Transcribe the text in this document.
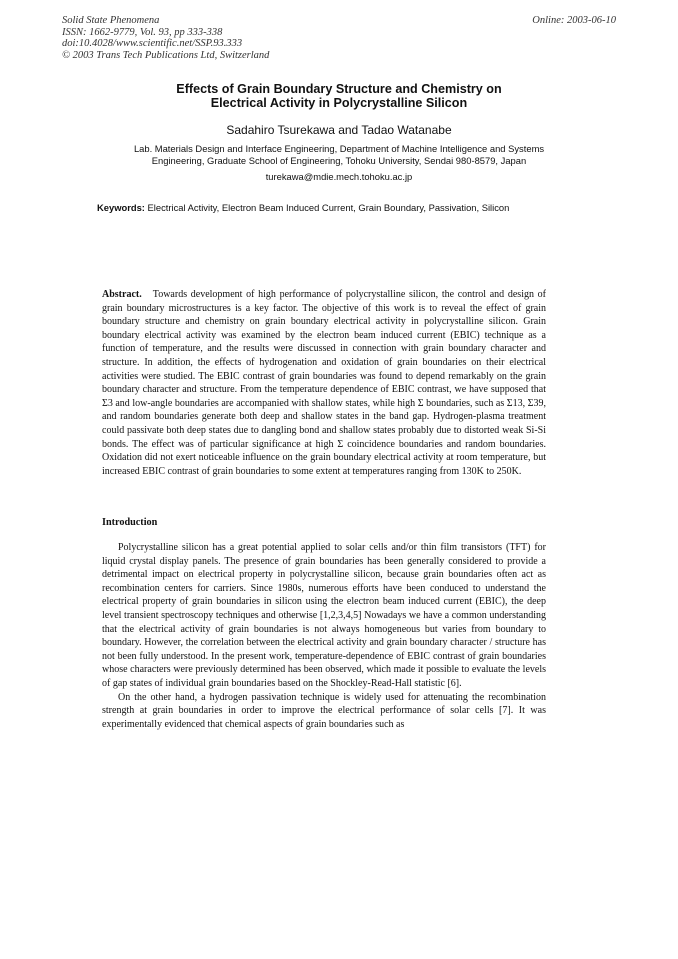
Solid State Phenomena
ISSN: 1662-9779, Vol. 93, pp 333-338
doi:10.4028/www.scientific.net/SSP.93.333
© 2003 Trans Tech Publications Ltd, Switzerland
Online: 2003-06-10
Effects of Grain Boundary Structure and Chemistry on
Electrical Activity in Polycrystalline Silicon
Sadahiro Tsurekawa and Tadao Watanabe
Lab. Materials Design and Interface Engineering, Department of Machine Intelligence and Systems
Engineering, Graduate School of Engineering, Tohoku University, Sendai 980-8579, Japan
turekawa@mdie.mech.tohoku.ac.jp
Keywords: Electrical Activity, Electron Beam Induced Current, Grain Boundary, Passivation, Silicon
Abstract. Towards development of high performance of polycrystalline silicon, the control and design of grain boundary microstructures is a key factor. The objective of this work is to reveal the effect of grain boundary structure and chemistry on grain boundary electrical activity in polycrystalline silicon. Grain boundary electrical activity was examined by the electron beam induced current (EBIC) technique as a function of temperature, and the results were discussed in connection with grain boundary character and structure. In addition, the effects of hydrogenation and oxidation of grain boundaries on their electrical activities were studied. The EBIC contrast of grain boundaries was found to depend remarkably on the grain boundary character and structure. From the temperature dependence of EBIC contrast, we have supposed that Σ3 and low-angle boundaries are accompanied with shallow states, while high Σ boundaries, such as Σ13, Σ39, and random boundaries generate both deep and shallow states in the band gap. Hydrogen-plasma treatment could passivate both deep states due to dangling bond and shallow states probably due to distorted weak Si-Si bonds. The effect was of particular significance at high Σ coincidence boundaries and random boundaries. Oxidation did not exert noticeable influence on the grain boundary electrical activity at room temperature, but increased EBIC contrast of grain boundaries to some extent at temperatures ranging from 130K to 250K.
Introduction

Polycrystalline silicon has a great potential applied to solar cells and/or thin film transistors (TFT) for liquid crystal display panels. The presence of grain boundaries has been generally considered to provide a detrimental impact on electrical property in polycrystalline silicon, because grain boundaries often act as recombination centers for carriers. Since 1980s, numerous efforts have been conduced to understand the electrical property of grain boundaries in silicon using the electron beam induced current (EBIC), the deep level transient spectroscopy techniques and otherwise [1,2,3,4,5] Nowadays we have a common understanding that the electrical activity of grain boundaries is not always homogeneous but varies from boundary to boundary. However, the correlation between the electrical activity and grain boundary character / structure has not been fully understood. In the present work, temperature-dependence of EBIC contrast of grain boundaries whose characters were previously determined has been observed, which made it possible to evaluate the levels of gap states of individual grain boundaries based on the Shockley-Read-Hall statistic [6].

On the other hand, a hydrogen passivation technique is widely used for attenuating the recombination strength at grain boundaries in order to improve the electrical performance of solar cells [7]. It was experimentally evidenced that chemical aspects of grain boundaries such as
